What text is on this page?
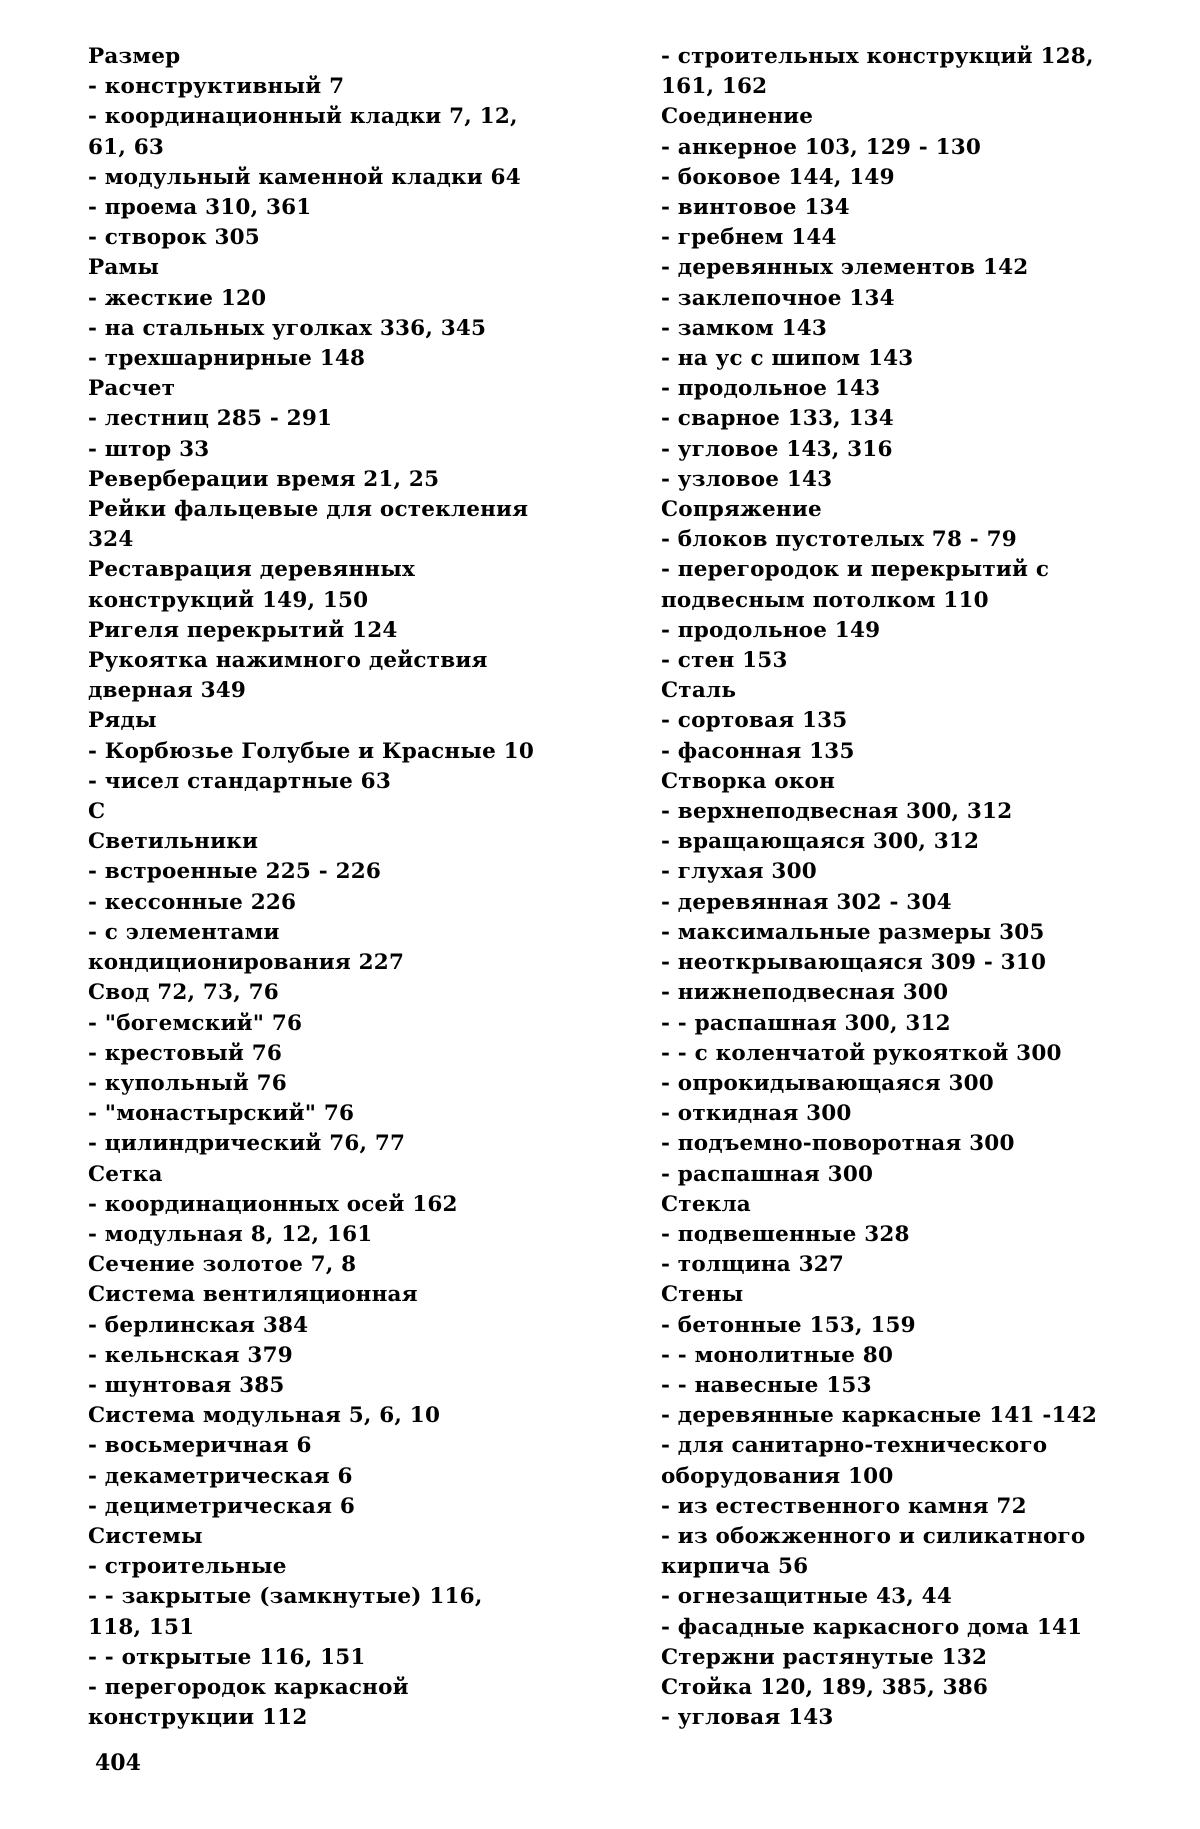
Размер
- конструктивный 7
- координационный кладки 7, 12,
61, 63
- модульный каменной кладки 64
- проема 310, 361
- створок 305
Рамы
- жесткие 120
- на стальных уголках 336, 345
- трехшарнирные 148
Расчет
- лестниц 285 - 291
- штор 33
Реверберации время 21, 25
Рейки фальцевые для остекления
324
Реставрация деревянных
конструкций 149, 150
Ригеля перекрытий 124
Рукоятка нажимного действия
дверная 349
Ряды
- Корбюзье Голубые и Красные 10
- чисел стандартные 63
С
Светильники
- встроенные 225 - 226
- кессонные 226
- с элементами
кондиционирования 227
Свод 72, 73, 76
- "богемский" 76
- крестовый 76
- купольный 76
- "монастырский" 76
- цилиндрический 76, 77
Сетка
- координационных осей 162
- модульная 8, 12, 161
Сечение золотое 7, 8
Система вентиляционная
- берлинская 384
- кельнская 379
- шунтовая 385
Система модульная 5, 6, 10
- восьмеричная 6
- декаметрическая 6
- дециметрическая 6
Системы
- строительные
- - закрытые (замкнутые) 116,
118, 151
- - открытые 116, 151
- перегородок каркасной
конструкции 112
- строительных конструкций 128,
161, 162
Соединение
- анкерное 103, 129 - 130
- боковое 144, 149
- винтовое 134
- гребнем 144
- деревянных элементов 142
- заклепочное 134
- замком 143
- на ус с шипом 143
- продольное 143
- сварное 133, 134
- угловое 143, 316
- узловое 143
Сопряжение
- блоков пустотелых 78 - 79
- перегородок и перекрытий с
подвесным потолком 110
- продольное 149
- стен 153
Сталь
- сортовая 135
- фасонная 135
Створка окон
- верхнеподвесная 300, 312
- вращающаяся 300, 312
- глухая 300
- деревянная 302 - 304
- максимальные размеры 305
- неоткрывающаяся 309 - 310
- нижнеподвесная 300
- - распашная 300, 312
- - с коленчатой рукояткой 300
- опрокидывающаяся 300
- откидная 300
- подъемно-поворотная 300
- распашная 300
Стекла
- подвешенные 328
- толщина 327
Стены
- бетонные 153, 159
- - монолитные 80
- - навесные 153
- деревянные каркасные 141 -142
- для санитарно-технического
оборудования 100
- из естественного камня 72
- из обожженного и силикатного
кирпича 56
- огнезащитные 43, 44
- фасадные каркасного дома 141
Стержни растянутые 132
Стойка 120, 189, 385, 386
- угловая 143
404
